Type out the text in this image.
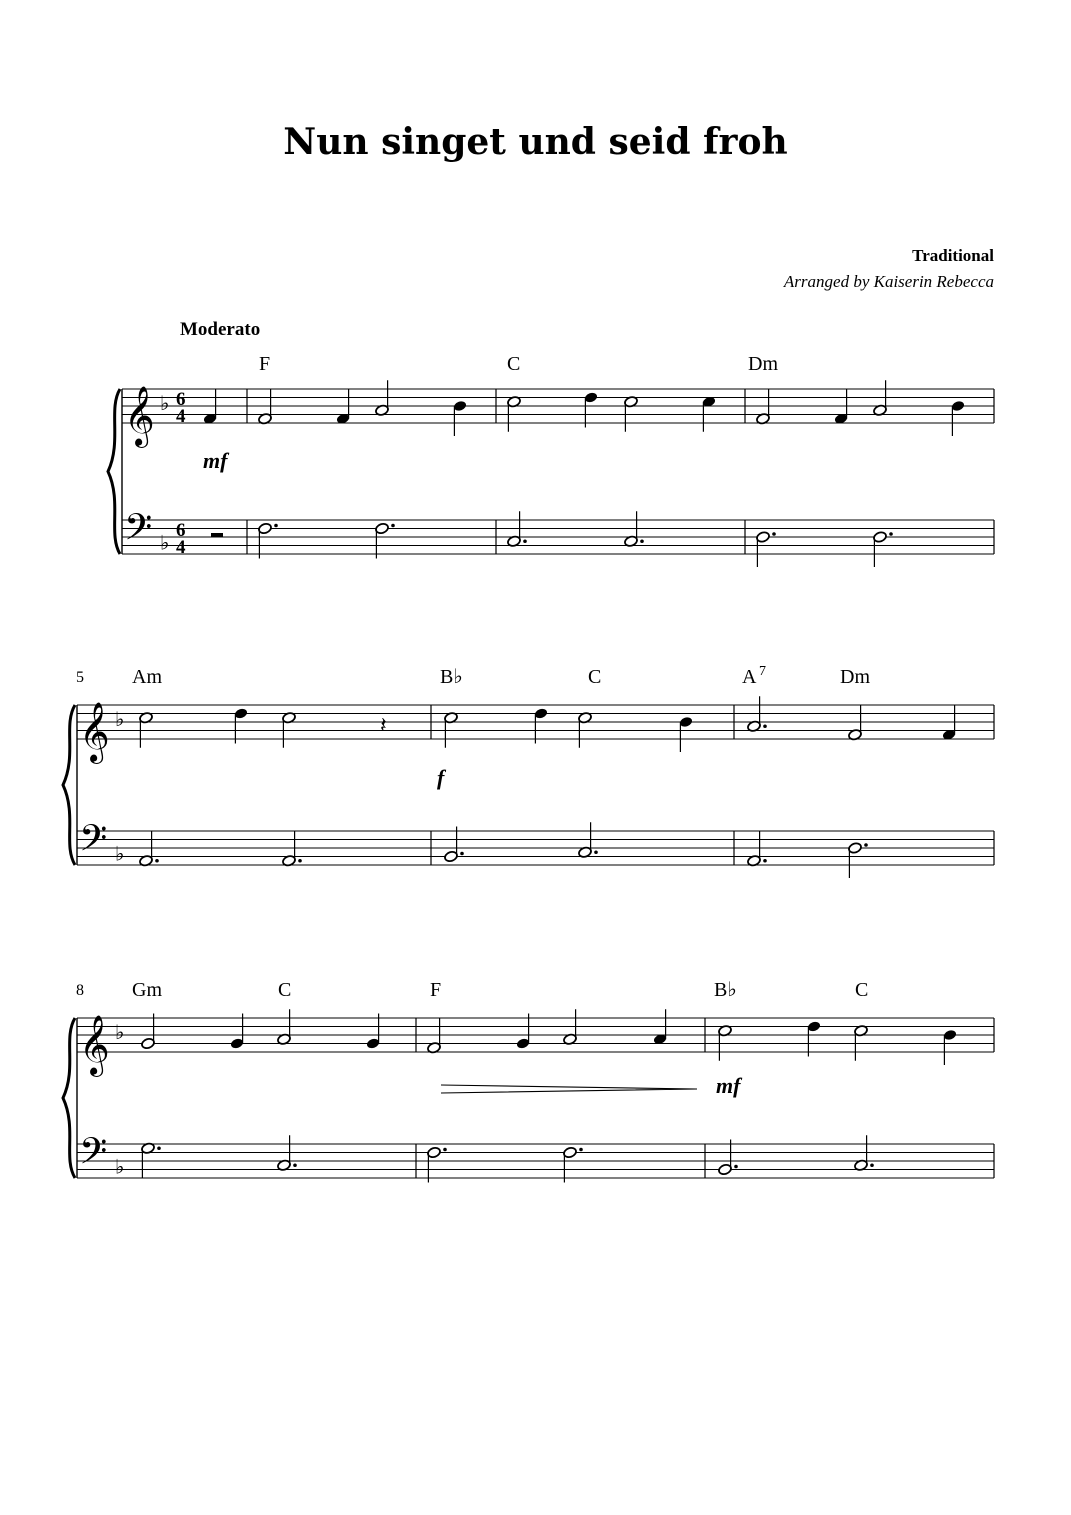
Nun singet und seid froh
Traditional
Arranged by Kaiserin Rebecca
Moderato
F	C	Dm
Am	B♭	C	A 7	Dm
Gm	C	F	B♭	C
5
8
mf
f
mf
𝄞
𝄢
♭
♭
6
4
6
4
𝄞
𝄢
♭
♭
𝄽
𝄞
𝄢
♭
♭
